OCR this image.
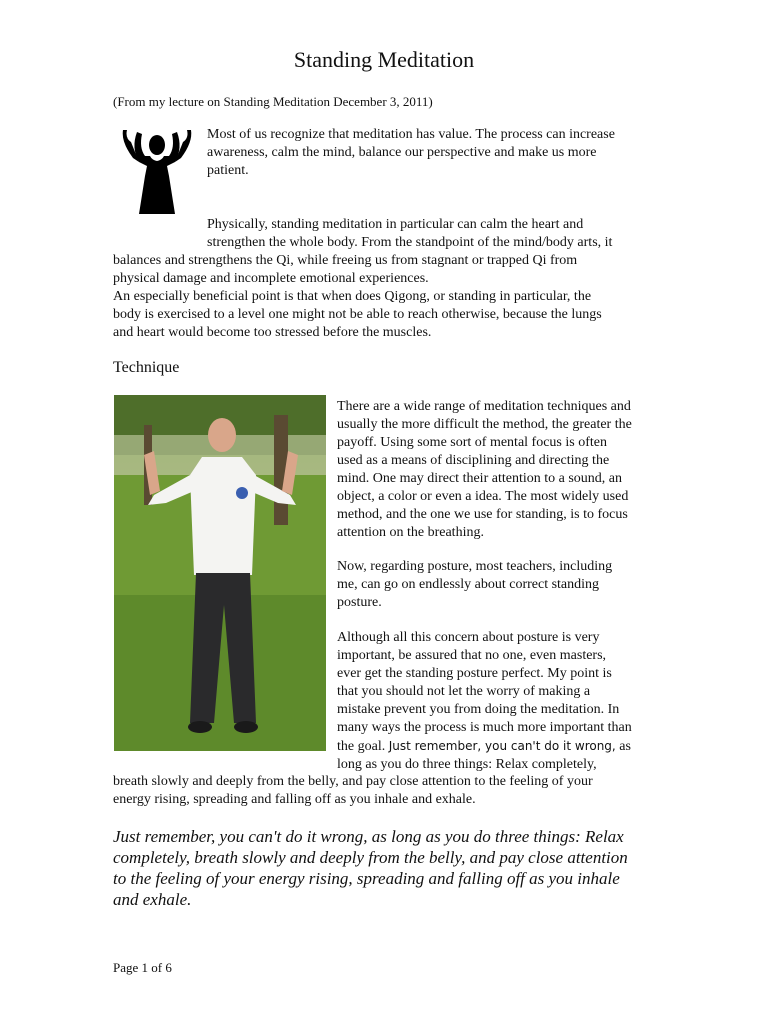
Standing Meditation
(From my lecture on Standing Meditation December 3, 2011)
Most of us recognize that meditation has value. The process can increase
awareness, calm the mind, balance our perspective and make us more
patient.
Physically, standing meditation in particular can calm the heart and
strengthen the whole body. From the standpoint of the mind/body arts, it
balances and strengthens the Qi, while freeing us from stagnant or trapped Qi from
physical damage and incomplete emotional experiences.
An especially beneficial point is that when does Qigong, or standing in particular, the
body is exercised to a level one might not be able to reach otherwise, because the lungs
and heart would become too stressed before the muscles.
Technique
There are a wide range of meditation techniques and
usually the more difficult the method, the greater the
payoff. Using some sort of mental focus is often
used as a means of disciplining and directing the
mind. One may direct their attention to a sound, an
object, a color or even a idea. The most widely used
method, and the one we use for standing, is to focus
attention on the breathing.
Now, regarding posture, most teachers, including
me, can go on endlessly about correct standing
posture.
Although all this concern about posture is very
important, be assured that no one, even masters,
ever get the standing posture perfect. My point is
that you should not let the worry of making a
mistake prevent you from doing the meditation. In
many ways the process is much more important than
the goal. Just remember, you can't do it wrong, as
long as you do three things: Relax completely,
breath slowly and deeply from the belly, and pay close attention to the feeling of your
energy rising, spreading and falling off as you inhale and exhale.
Just remember, you can't do it wrong, as long as you do three things: Relax
completely, breath slowly and deeply from the belly, and pay close attention
to the feeling of your energy rising, spreading and falling off as you inhale
and exhale.
Page 1 of 6
